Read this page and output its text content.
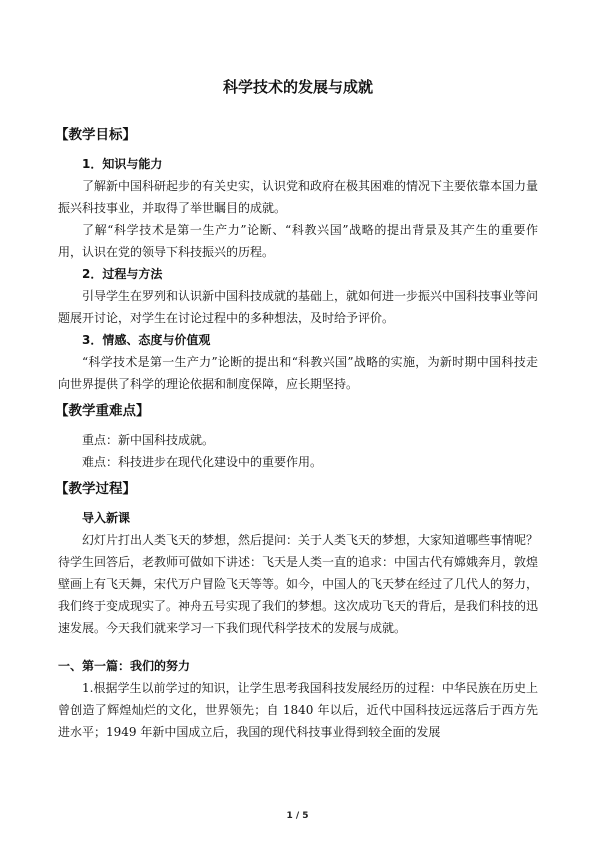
科学技术的发展与成就
【教学目标】
1．知识与能力

了解新中国科研起步的有关史实，认识党和政府在极其困难的情况下主要依靠本国力量振兴科技事业，并取得了举世瞩目的成就。

了解“科学技术是第一生产力”论断、“科教兴国”战略的提出背景及其产生的重要作用，认识在党的领导下科技振兴的历程。

2．过程与方法

引导学生在罗列和认识新中国科技成就的基础上，就如何进一步振兴中国科技事业等问题展开讨论，对学生在讨论过程中的多种想法，及时给予评价。

3．情感、态度与价值观

“科学技术是第一生产力”论断的提出和“科教兴国”战略的实施，为新时期中国科技走向世界提供了科学的理论依据和制度保障，应长期坚持。

【教学重难点】

重点：新中国科技成就。

难点：科技进步在现代化建设中的重要作用。

【教学过程】
导入新课

幻灯片打出人类飞天的梦想，然后提问：关于人类飞天的梦想，大家知道哪些事情呢？待学生回答后，老教师可做如下讲述：飞天是人类一直的追求：中国古代有嫦娥奔月，敦煌壁画上有飞天舞，宋代万户冒险飞天等等。如今，中国人的飞天梦在经过了几代人的努力，我们终于变成现实了。神舟五号实现了我们的梦想。这次成功飞天的背后，是我们科技的迅速发展。今天我们就来学习一下我们现代科学技术的发展与成就。

一、第一篇：我们的努力

1.根据学生以前学过的知识，让学生思考我国科技发展经历的过程：中华民族在历史上曾创造了辉煌灿烂的文化，世界领先；自 1840 年以后，近代中国科技远远落后于西方先进水平；1949 年新中国成立后，我国的现代科技事业得到较全面的发展

1 / 5
